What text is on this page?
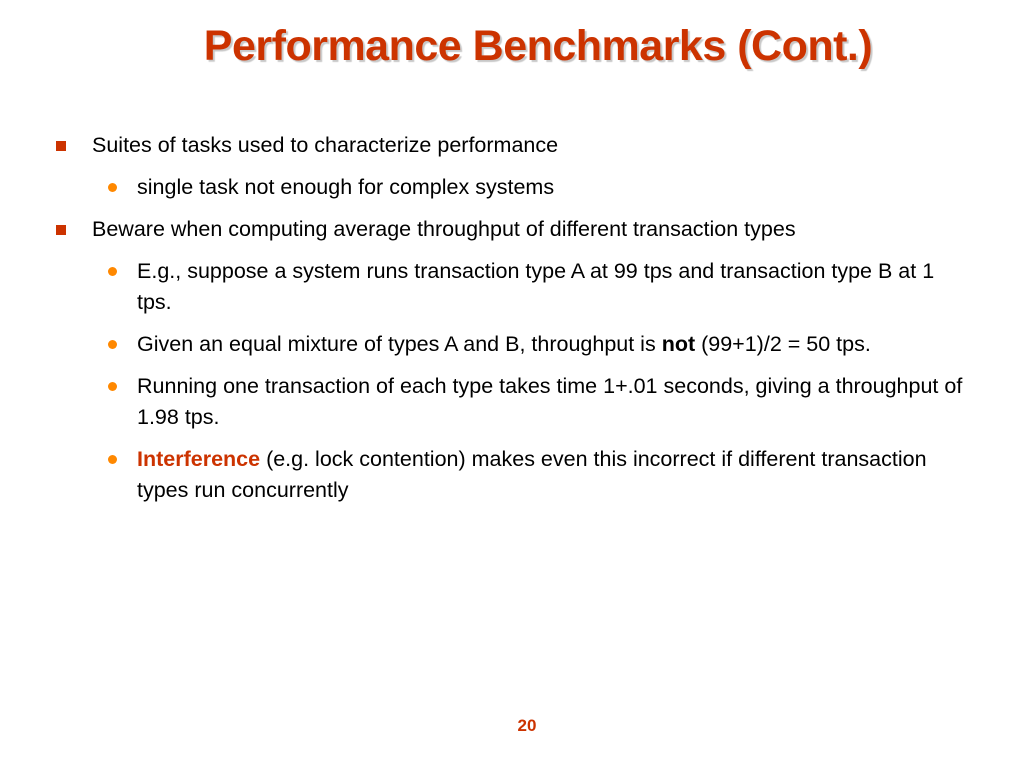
Performance Benchmarks (Cont.)
Suites of tasks used to characterize performance
single task not enough for complex systems
Beware when computing average throughput of different transaction types
E.g., suppose a system runs transaction type A at 99 tps and transaction type B at 1 tps.
Given an equal mixture of types A and B, throughput is not (99+1)/2 = 50 tps.
Running one transaction of each type takes time 1+.01 seconds, giving a throughput of 1.98 tps.
Interference (e.g. lock contention) makes even this incorrect if different transaction types run concurrently
20
